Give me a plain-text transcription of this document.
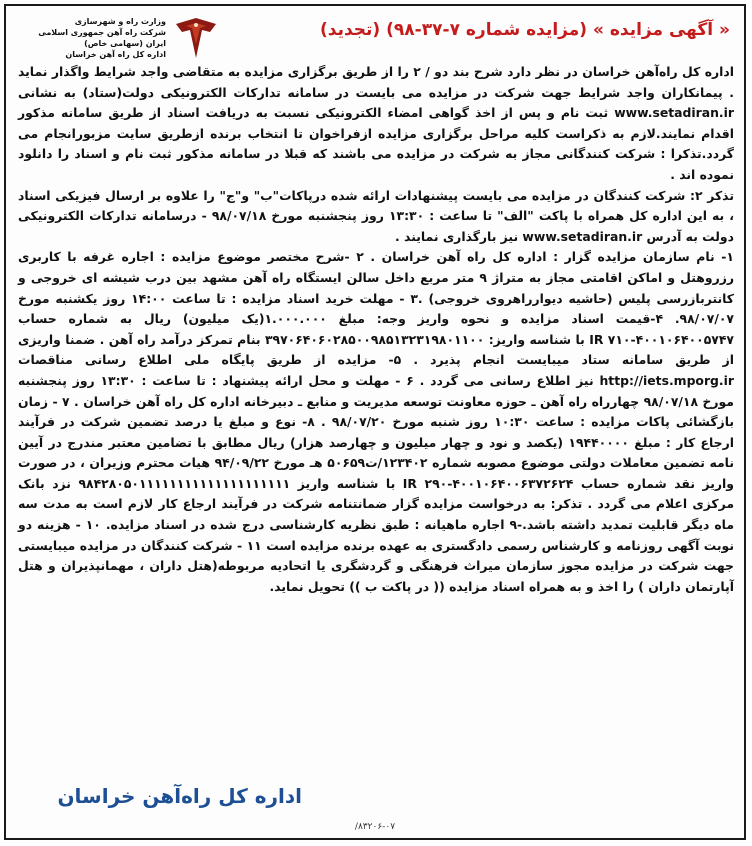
« آگهی مزایده » (مزایده شماره ۷-۳۷-۹۸) (تجدید)
وزارت راه و شهرسازی
شرکت راه آهن جمهوری اسلامی ایران (سهامی خاص)
اداره کل راه آهن خراسان

اداره کل راه‌آهن خراسان در نظر دارد شرح بند دو / ۲ را از طریق برگزاری مزایده به متقاضی واجد شرایط واگذار نماید . پیمانکاران واجد شرایط جهت شرکت در مزایده می بایست در سامانه تدارکات الکترونیکی دولت(ستاد) به نشانی www.setadiran.ir ثبت نام و پس از اخذ گواهی امضاء الکترونیکی نسبت به دریافت اسناد از طریق سامانه مذکور اقدام نمایند.لازم به ذکراست کلیه مراحل برگزاری مزایده ازفراخوان تا انتخاب برنده ازطریق سایت مزبورانجام می گردد.تذکرا : شرکت کنندگانی مجاز به شرکت در مزایده می باشند که قبلا در سامانه مذکور ثبت نام و اسناد را دانلود نموده اند .

تذکر ۲: شرکت کنندگان در مزایده می بایست پیشنهادات ارائه شده درپاکات"ب" و"ج" را علاوه بر ارسال فیزیکی اسناد ، به این اداره کل همراه با پاکت "الف" تا ساعت : ۱۳:۳۰ روز پنجشنبه مورخ ۹۸/۰۷/۱۸ - درسامانه تدارکات الکترونیکی دولت به آدرس www.setadiran.ir نیز بارگذاری نمایند .

۱- نام سازمان مزایده گزار : اداره کل راه آهن خراسان . ۲ -شرح مختصر موضوع مزایده : اجاره غرفه با کاربری رزروهتل و اماکن اقامتی مجاز به متراژ ۹ متر مربع داخل سالن ایستگاه راه آهن مشهد بین درب شیشه ای خروجی و کانتربازرسی پلیس (حاشیه دیوارراهروی خروجی) .۳ - مهلت خرید اسناد مزایده : تا ساعت ۱۴:۰۰ روز یکشنبه مورخ ۹۸/۰۷/۰۷. ۴-قیمت اسناد مزایده و نحوه واریز وجه: مبلغ ۱.۰۰۰.۰۰۰(یک میلیون) ریال به شماره حساب ۴۰۰۱۰۶۴۰۰۵۷۴۷-۷۱۰ IR با شناسه واریز: ۳۹۷۰۶۴۰۶۰۲۸۵۰۰۹۸۵۱۳۲۳۱۹۸۰۱۱۰۰ بنام تمرکز درآمد راه آهن . ضمنا واریزی از طریق سامانه ستاد میبایست انجام پذیرد . ۵- مزایده از طریق پایگاه ملی اطلاع رسانی مناقصات http://iets.mporg.ir نیز اطلاع رسانی می گردد . ۶ - مهلت و محل ارائه پیشنهاد : تا ساعت : ۱۳:۳۰ روز پنجشنبه مورخ ۹۸/۰۷/۱۸ چهارراه راه آهن ـ حوزه معاونت توسعه مدیریت و منابع ـ دبیرخانه اداره کل راه آهن خراسان . ۷ - زمان بازگشائی پاکات مزایده : ساعت ۱۰:۳۰ روز شنبه مورخ ۹۸/۰۷/۲۰ . ۸- نوع و مبلغ یا درصد تضمین شرکت در فرآیند ارجاع کار : مبلغ ۱۹۴۴۰۰۰۰ (یکصد و نود و چهار میلیون و چهارصد هزار) ریال مطابق با تضامین معتبر مندرج در آیین نامه تضمین معاملات دولتی موضوع مصوبه شماره ۱۲۳۴۰۲/ت۵۰۶۵۹ هـ مورخ ۹۴/۰۹/۲۲ هیات محترم وزیران ، در صورت واریز نقد شماره حساب ۴۰۰۱۰۶۴۰۰۶۳۷۲۶۲۴-۲۹۰ IR با شناسه واریز ۹۸۴۲۸۰۵۰۱۱۱۱۱۱۱۱۱۱۱۱۱۱۱۱۱۱۱۱ نزد بانک مرکزی اعلام می گردد . تذکر: به درخواست مزایده گزار ضمانتنامه شرکت در فرآیند ارجاع کار لازم است به مدت سه ماه دیگر قابلیت تمدید داشته باشد.-۹ اجاره ماهیانه : طبق نظریه کارشناسی درج شده در اسناد مزایده. ۱۰ - هزینه دو نوبت آگهی روزنامه و کارشناس رسمی دادگستری به عهده برنده مزایده است ۱۱ - شرکت کنندگان در مزایده میبایستی جهت شرکت در مزایده مجوز سازمان میراث فرهنگی و گردشگری یا اتحادیه مربوطه(هتل داران ، مهمانپذیران و هتل آپارتمان داران ) را اخذ و به همراه اسناد مزایده (( در پاکت ب )) تحویل نماید.

اداره کل راه‌آهن خراسان
۸۳۲۰۶-۰۷/
